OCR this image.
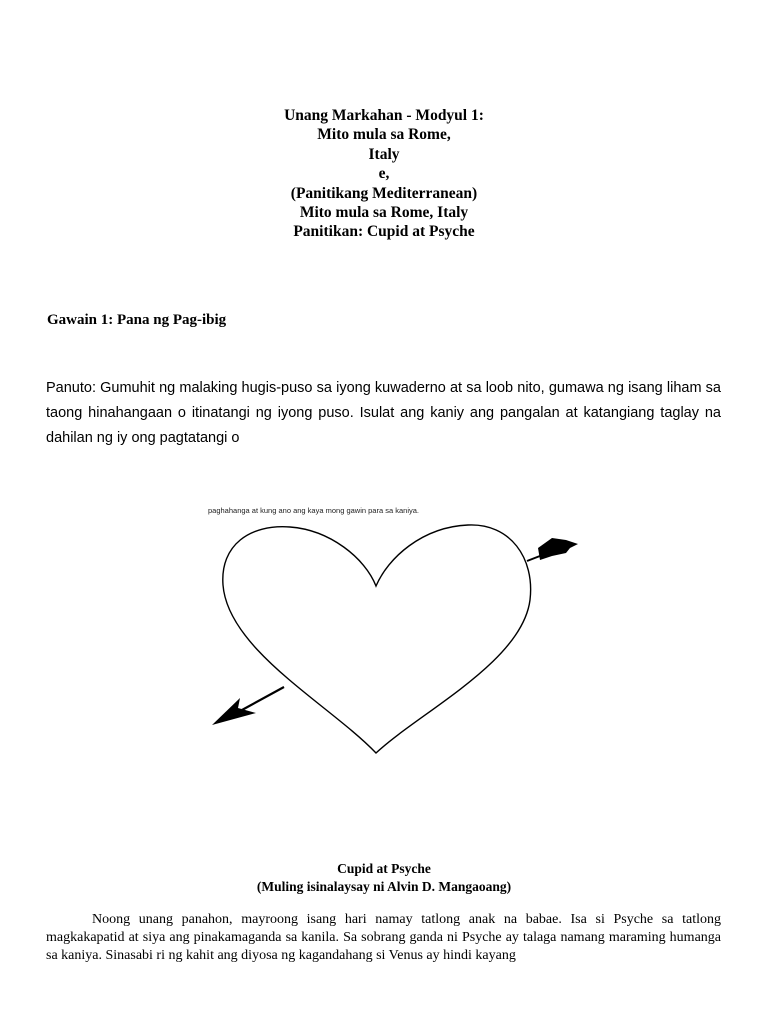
Unang Markahan - Modyul 1:
Mito mula sa Rome,
Italy
e,
(Panitikang Mediterranean)
Mito mula sa Rome, Italy
Panitikan: Cupid at Psyche
Gawain 1: Pana ng Pag-ibig
Panuto: Gumuhit ng malaking hugis-puso sa iyong kuwaderno at sa loob nito, gumawa ng isang liham sa taong hinahangaan o itinatangi ng iyong puso. Isulat ang kaniy ang pangalan at katangiang taglay na dahilan ng iy ong pagtatangi o
paghahanga at kung ano ang kaya mong gawin para sa kaniya.
Cupid at Psyche
(Muling isinalaysay ni Alvin D. Mangaoang)
Noong unang panahon, mayroong isang hari namay tatlong anak na babae. Isa si Psyche sa tatlong magkakapatid at siya ang pinakamaganda sa kanila. Sa sobrang ganda ni Psyche ay talaga namang maraming humanga sa kaniya. Sinasabi ri ng kahit ang diyosa ng kagandahang si Venus ay hindi kayang
